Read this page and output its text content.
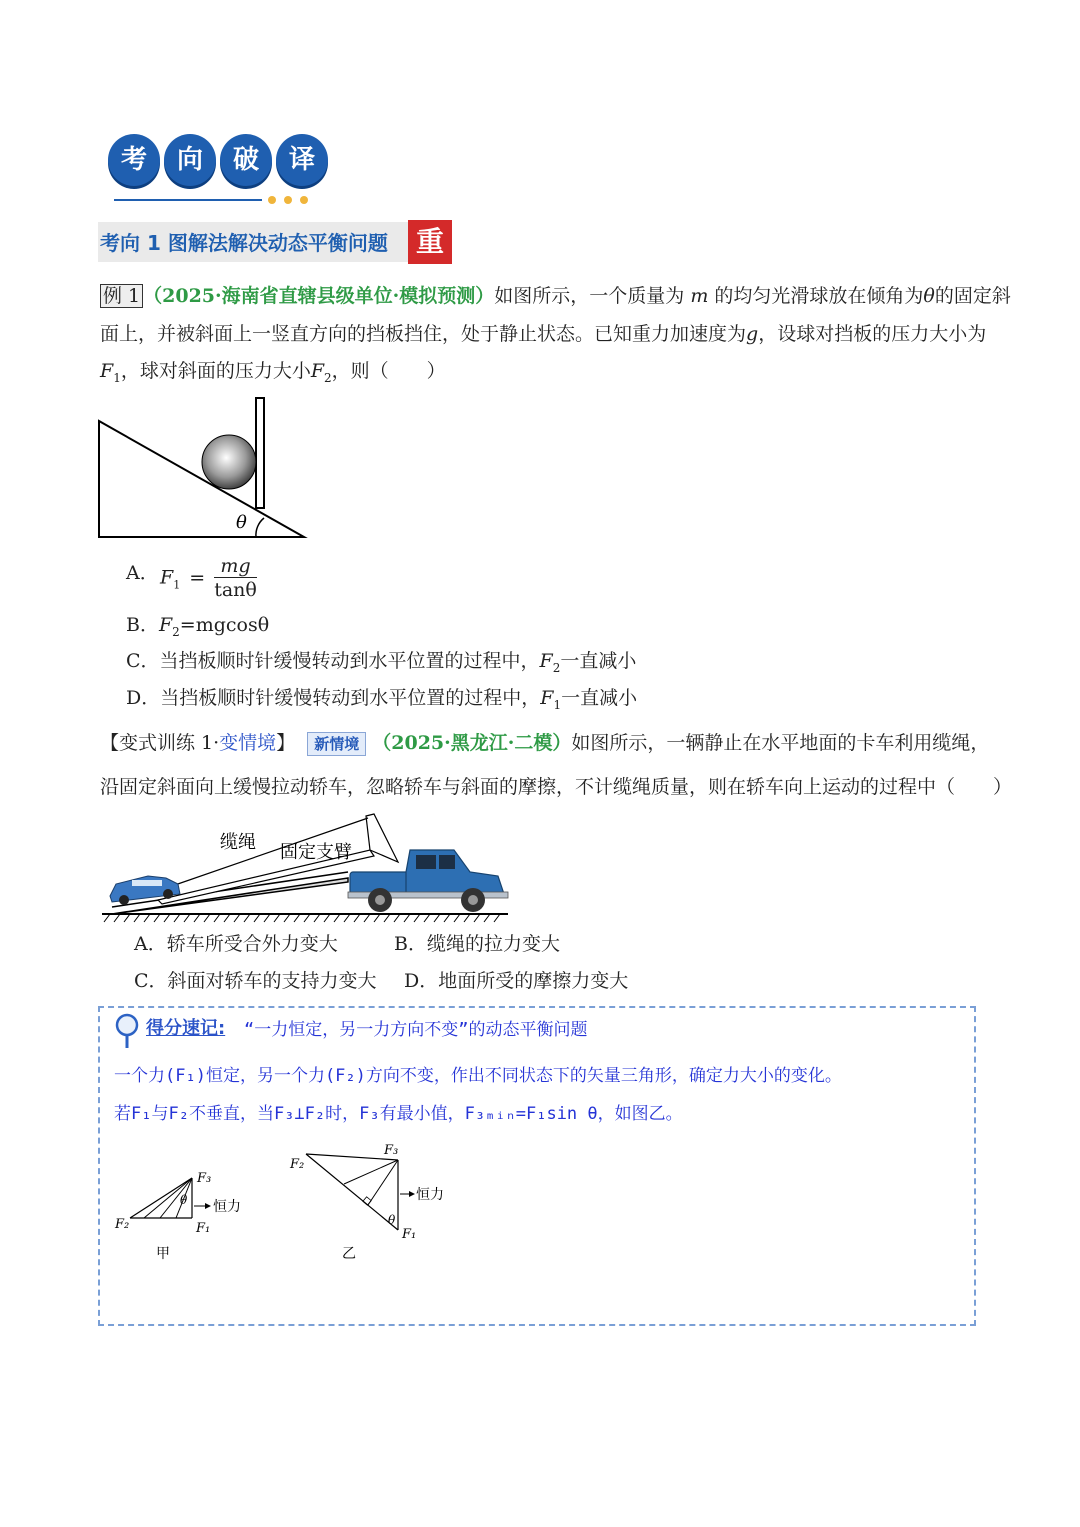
考	向	破	译
考向 1 图解法解决动态平衡问题 重
例 1 （2025·海南省直辖县级单位·模拟预测）如图所示，一个质量为 m 的均匀光滑球放在倾角为θ的固定斜
面上，并被斜面上一竖直方向的挡板挡住，处于静止状态。已知重力加速度为g，设球对挡板的压力大小为
$F_1$，球对斜面的压力大小$F_2$，则（　　）
θ
A． $F_1 = \frac{mg}{\tan\theta}$
B．$F_2=mgcos\theta$
C．当挡板顺时针缓慢转动到水平位置的过程中，$F_2$一直减小
D．当挡板顺时针缓慢转动到水平位置的过程中，$F_1$一直减小
【变式训练 1·变情境】 新情境 （2025·黑龙江·二模）如图所示，一辆静止在水平地面的卡车利用缆绳，
沿固定斜面向上缓慢拉动轿车，忽略轿车与斜面的摩擦，不计缆绳质量，则在轿车向上运动的过程中（　　）
缆绳 固定支臂
A．轿车所受合外力变大	B．缆绳的拉力变大
C．斜面对轿车的支持力变大 D．地面所受的摩擦力变大
得分速记: “一力恒定，另一力方向不变”的动态平衡问题
一个力(F₁)恒定，另一个力(F₂)方向不变，作出不同状态下的矢量三角形，确定力大小的变化。
若F₁与F₂不垂直，当F₃⊥F₂时，F₃有最小值，F₃ₘᵢₙ=F₁sin θ，如图乙。
F₃
θ 恒力
F₂	F₁
甲
F₃
F₂
θ
恒力
F₁
乙
